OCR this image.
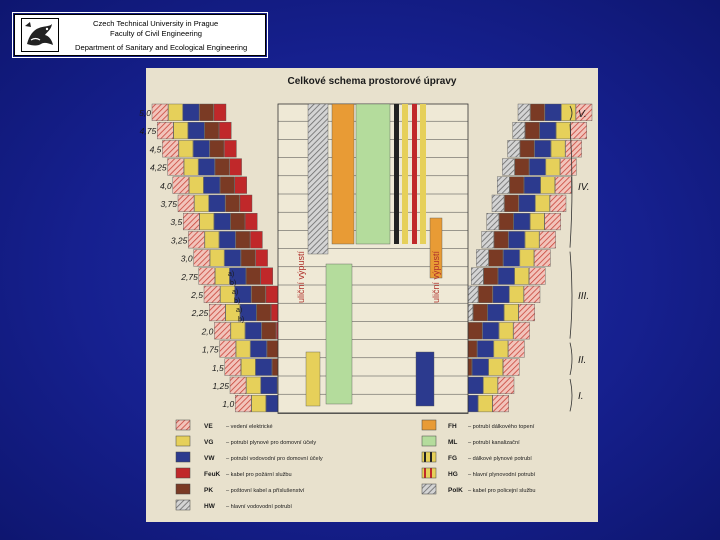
Czech Technical University in Prague
Faculty of Civil Engineering
Department of Sanitary and Ecological Engineering
Celkové schema prostorové úpravy
5,0
4,75
4,5
4,25
4,0
3,75
3,5
3,25
3,0
2,75
2,5
2,25
2,0
1,75
1,5
1,25
1,0
a)
b)
a)
b)
a)
b)
V.
IV.
III.
II.
I.
uliční výpustí	uliční výpustí
VE – vedení elektrické
VG – potrubí plynové pro domovní účely
VW – potrubí vodovodní pro domovní účely
FeuK – kabel pro požární službu
PK – poštovní kabel a příslušenství
HW – hlavní vodovodní potrubí
FH – potrubí dálkového topení
ML – potrubí kanalizační
FG – dálkové plynové potrubí
HG – hlavní plynovodní potrubí
PolK – kabel pro policejní službu
